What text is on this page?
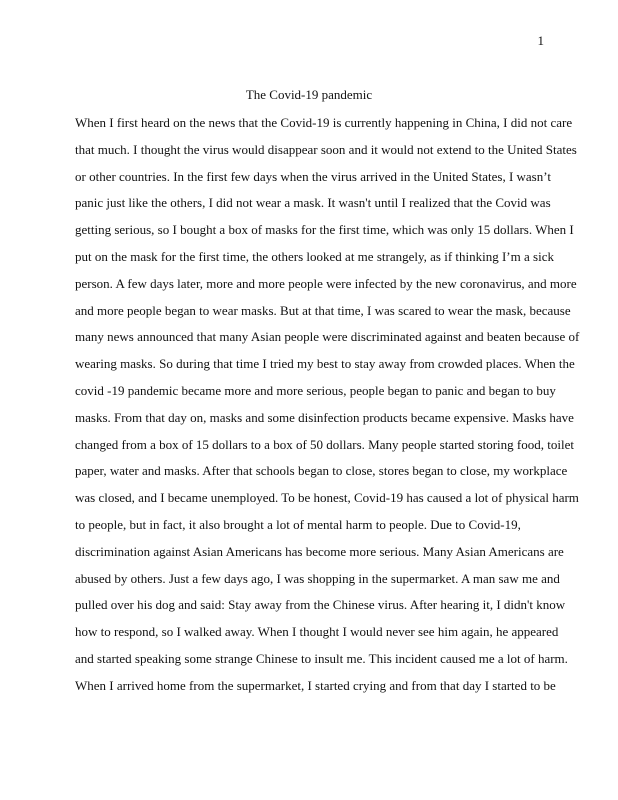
1
The Covid-19 pandemic
When I first heard on the news that the Covid-19 is currently happening in China, I did not care
that much. I thought the virus would disappear soon and it would not extend to the United States
or other countries. In the first few days when the virus arrived in the United States, I wasn’t
panic just like the others, I did not wear a mask. It wasn't until I realized that the Covid was
getting serious, so I bought a box of masks for the first time, which was only 15 dollars. When I
put on the mask for the first time, the others looked at me strangely, as if thinking I’m a sick
person. A few days later, more and more people were infected by the new coronavirus, and more
and more people began to wear masks. But at that time, I was scared to wear the mask, because
many news announced that many Asian people were discriminated against and beaten because of
wearing masks. So during that time I tried my best to stay away from crowded places. When the
covid -19 pandemic became more and more serious, people began to panic and began to buy
masks. From that day on, masks and some disinfection products became expensive. Masks have
changed from a box of 15 dollars to a box of 50 dollars. Many people started storing food, toilet
paper, water and masks. After that schools began to close, stores began to close, my workplace
was closed, and I became unemployed. To be honest, Covid-19 has caused a lot of physical harm
to people, but in fact, it also brought a lot of mental harm to people. Due to Covid-19,
discrimination against Asian Americans has become more serious. Many Asian Americans are
abused by others. Just a few days ago, I was shopping in the supermarket. A man saw me and
pulled over his dog and said: Stay away from the Chinese virus. After hearing it, I didn't know
how to respond, so I walked away. When I thought I would never see him again, he appeared
and started speaking some strange Chinese to insult me. This incident caused me a lot of harm.
When I arrived home from the supermarket, I started crying and from that day I started to be
